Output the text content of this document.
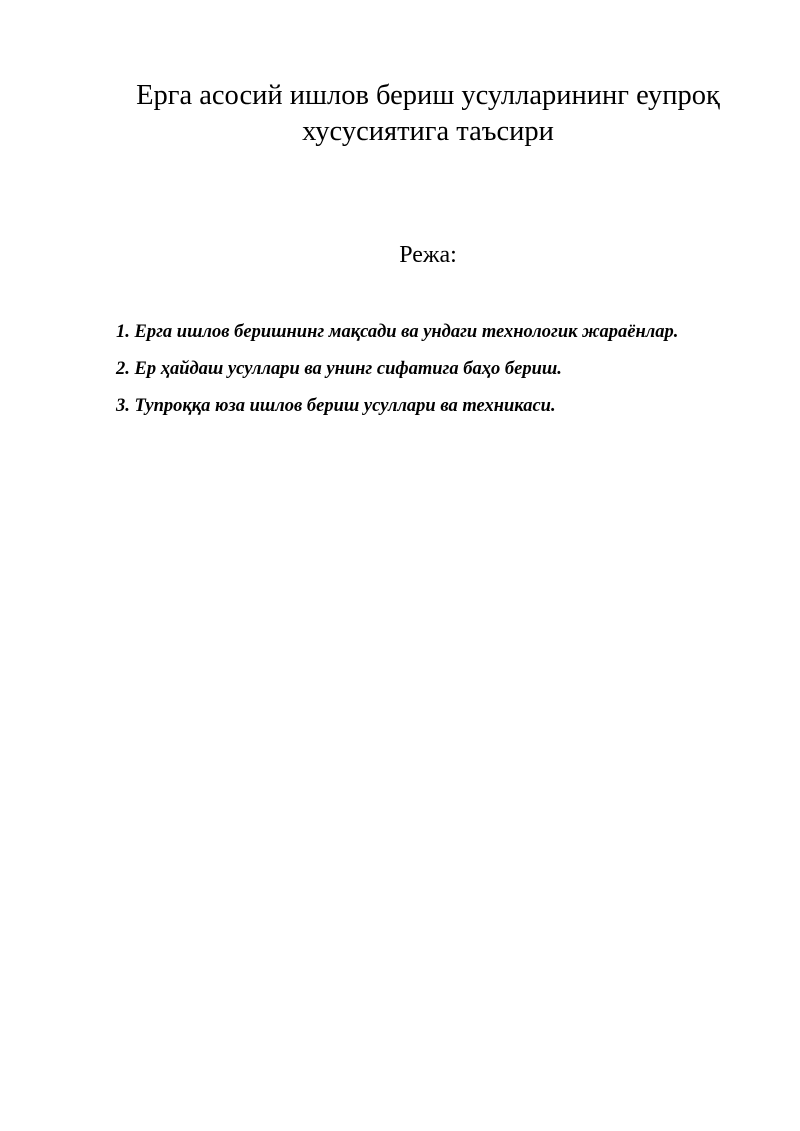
Ерга асосий ишлов бериш усулларининг еупроқ
хусусиятига таъсири
Режа:
1. Ерга ишлов беришнинг мақсади ва ундаги технологик жараёнлар.
2. Ер ҳайдаш усуллари ва унинг сифатига баҳо бериш.
3. Тупроққа юза ишлов бериш усуллари ва техникаси.
